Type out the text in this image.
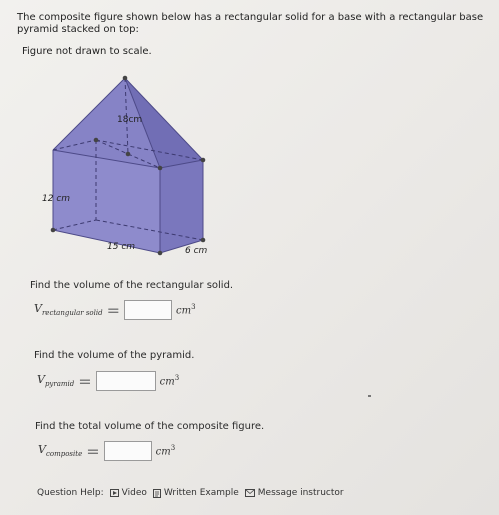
The composite figure shown below has a rectangular solid for a base with a rectangular base pyramid stacked on top:
Figure not drawn to scale.
18cm
12 cm
15 cm	6 cm
Find the volume of the rectangular solid.
$V_{rectangular solid}$ =	$cm^3$
Find the volume of the pyramid.
$V_{pyramid}$ =	$cm^3$
Find the total volume of the composite figure.
$V_{composite}$ =	$cm^3$
Question Help: Video Written Example Message instructor
